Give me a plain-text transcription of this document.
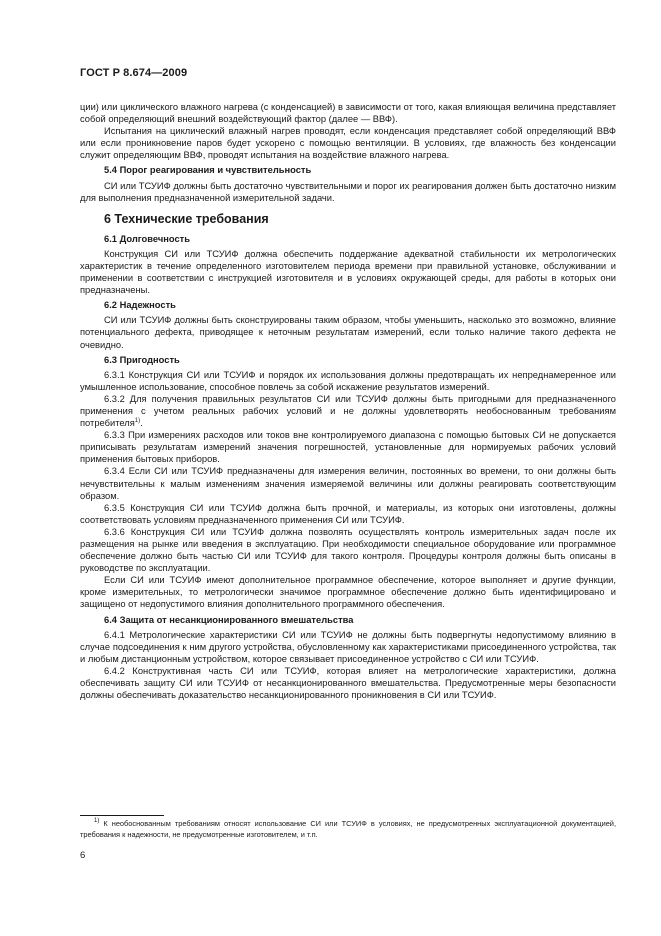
ГОСТ Р 8.674—2009

ции) или циклического влажного нагрева (с конденсацией) в зависимости от того, какая влияющая величина представляет собой определяющий внешний воздействующий фактор (далее — ВВФ).

Испытания на циклический влажный нагрев проводят, если конденсация представляет собой определяющий ВВФ или если проникновение паров будет ускорено с помощью вентиляции. В условиях, где влажность без конденсации служит определяющим ВВФ, проводят испытания на воздействие влажного нагрева.

5.4 Порог реагирования и чувствительность

СИ или ТСУИФ должны быть достаточно чувствительными и порог их реагирования должен быть достаточно низким для выполнения предназначенной измерительной задачи.

6 Технические требования
6.1 Долговечность

Конструкция СИ или ТСУИФ должна обеспечить поддержание адекватной стабильности их метрологических характеристик в течение определенного изготовителем периода времени при правильной установке, обслуживании и применении в соответствии с инструкцией изготовителя и в условиях окружающей среды, для работы в которых они предназначены.

6.2 Надежность

СИ или ТСУИФ должны быть сконструированы таким образом, чтобы уменьшить, насколько это возможно, влияние потенциального дефекта, приводящее к неточным результатам измерений, если только наличие такого дефекта не очевидно.

6.3 Пригодность

6.3.1 Конструкция СИ или ТСУИФ и порядок их использования должны предотвращать их непреднамеренное или умышленное использование, способное повлечь за собой искажение результатов измерений.

6.3.2 Для получения правильных результатов СИ или ТСУИФ должны быть пригодными для предназначенного применения с учетом реальных рабочих условий и не должны удовлетворять необоснованным требованиям потребителя$^{1)}$.

6.3.3 При измерениях расходов или токов вне контролируемого диапазона с помощью бытовых СИ не допускается приписывать результатам измерений значения погрешностей, установленные для нормируемых рабочих условий применения бытовых приборов.

6.3.4 Если СИ или ТСУИФ предназначены для измерения величин, постоянных во времени, то они должны быть нечувствительны к малым изменениям значения измеряемой величины или должны реагировать соответствующим образом.

6.3.5 Конструкция СИ или ТСУИФ должна быть прочной, и материалы, из которых они изготовлены, должны соответствовать условиям предназначенного применения СИ или ТСУИФ.

6.3.6 Конструкция СИ или ТСУИФ должна позволять осуществлять контроль измерительных задач после их размещения на рынке или введения в эксплуатацию. При необходимости специальное оборудование или программное обеспечение должно быть частью СИ или ТСУИФ для такого контроля. Процедуры контроля должны быть описаны в руководстве по эксплуатации.

Если СИ или ТСУИФ имеют дополнительное программное обеспечение, которое выполняет и другие функции, кроме измерительных, то метрологически значимое программное обеспечение должно быть идентифицировано и защищено от недопустимого влияния дополнительного программного обеспечения.

6.4 Защита от несанкционированного вмешательства

6.4.1 Метрологические характеристики СИ или ТСУИФ не должны быть подвергнуты недопустимому влиянию в случае подсоединения к ним другого устройства, обусловленному как характеристиками присоединенного устройства, так и любым дистанционным устройством, которое связывает присоединенное устройство с СИ или ТСУИФ.

6.4.2 Конструктивная часть СИ или ТСУИФ, которая влияет на метрологические характеристики, должна обеспечивать защиту СИ или ТСУИФ от несанкционированного вмешательства. Предусмотренные меры безопасности должны обеспечивать доказательство несанкционированного проникновения в СИ или ТСУИФ.

$^{1)}$ К необоснованным требованиям относят использование СИ или ТСУИФ в условиях, не предусмотренных эксплуатационной документацией, требования к надежности, не предусмотренные изготовителем, и т.п.
6
